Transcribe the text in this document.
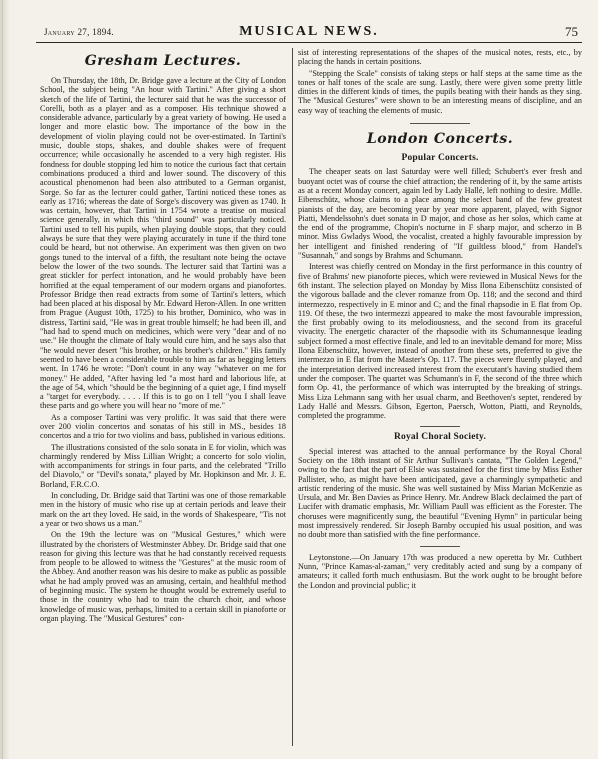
January 27, 1894.	MUSICAL NEWS.	75
Gresham Lectures.

On Thursday, the 18th, Dr. Bridge gave a lecture at the City of London School, the subject being "An hour with Tartini." After giving a short sketch of the life of Tartini, the lecturer said that he was the successor of Corelli, both as a player and as a composer. His technique showed a considerable advance, particularly by a great variety of bowing. He used a longer and more elastic bow. The importance of the bow in the development of violin playing could not be over-estimated. In Tartini's music, double stops, shakes, and double shakes were of frequent occurrence; while occasionally he ascended to a very high register. His fondness for double stopping led him to notice the curious fact that certain combinations produced a third and lower sound. The discovery of this acoustical phenomenon had been also attributed to a German organist, Sorge. So far as the lecturer could gather, Tartini noticed these tones as early as 1716; whereas the date of Sorge's discovery was given as 1740. It was certain, however, that Tartini in 1754 wrote a treatise on musical science generally, in which this "third sound" was particularly noticed. Tartini used to tell his pupils, when playing double stops, that they could always be sure that they were playing accurately in tune if the third tone could be heard, but not otherwise. An experiment was then given on two gongs tuned to the interval of a fifth, the resultant note being the octave below the lower of the two sounds. The lecturer said that Tartini was a great stickler for perfect intonation, and he would probably have been horrified at the equal temperament of our modern organs and pianofortes. Professor Bridge then read extracts from some of Tartini's letters, which had been placed at his disposal by Mr. Edward Heron-Allen. In one written from Prague (August 10th, 1725) to his brother, Dominico, who was in distress, Tartini said, "He was in great trouble himself; he had been ill, and "had had to spend much on medicines, which were very "dear and of no use." He thought the climate of Italy would cure him, and he says also that "he would never desert "his brother, or his brother's children." His family seemed to have been a considerable trouble to him as far as begging letters went. In 1746 he wrote: "Don't count in any way "whatever on me for money." He added, "After having led "a most hard and laborious life, at the age of 54, which "should be the beginning of a quiet age, I find myself a "target for everybody. . . . . If this is to go on I tell "you I shall leave these parts and go where you will hear no "more of me."

As a composer Tartini was very prolific. It was said that there were over 200 violin concertos and sonatas of his still in MS., besides 18 concertos and a trio for two violins and bass, published in various editions.

The illustrations consisted of the solo sonata in E for violin, which was charmingly rendered by Miss Lillian Wright; a concerto for solo violin, with accompaniments for strings in four parts, and the celebrated "Trillo del Diavolo," or "Devil's sonata," played by Mr. Hopkinson and Mr. J. E. Borland, F.R.C.O.

In concluding, Dr. Bridge said that Tartini was one of those remarkable men in the history of music who rise up at certain periods and leave their mark on the art they loved. He said, in the words of Shakespeare, "Tis not a year or two shows us a man."

On the 19th the lecture was on "Musical Gestures," which were illustrated by the choristers of Westminster Abbey. Dr. Bridge said that one reason for giving this lecture was that he had constantly received requests from people to be allowed to witness the "Gestures" at the music room of the Abbey. And another reason was his desire to make as public as possible what he had amply proved was an amusing, certain, and healthful method of beginning music. The system he thought would be extremely useful to those in the country who had to train the church choir, and whose knowledge of music was, perhaps, limited to a certain skill in pianoforte or organ playing. The "Musical Gestures" con-

sist of interesting representations of the shapes of the musical notes, rests, etc., by placing the hands in certain positions.

"Stepping the Scale" consists of taking steps or half steps at the same time as the tones or half tones of the scale are sung. Lastly, there were given some pretty little ditties in the different kinds of times, the pupils beating with their hands as they sing. The "Musical Gestures" were shown to be an interesting means of discipline, and an easy way of teaching the elements of music.

London Concerts.
Popular Concerts.

The cheaper seats on last Saturday were well filled; Schubert's ever fresh and buoyant octet was of course the chief attraction; the rendering of it, by the same artists as at a recent Monday concert, again led by Lady Hallé, left nothing to desire. Mdlle. Eibenschütz, whose claims to a place among the select band of the few greatest pianists of the day, are becoming year by year more apparent, played, with Signor Piatti, Mendelssohn's duet sonata in D major, and chose as her solos, which came at the end of the programme, Chopin's nocturne in F sharp major, and scherzo in B minor. Miss Gwladys Wood, the vocalist, created a highly favourable impression by her intelligent and finished rendering of "If guiltless blood," from Handel's "Susannah," and songs by Brahms and Schumann.

Interest was chiefly centred on Monday in the first performance in this country of five of Brahms' new pianoforte pieces, which were reviewed in Musical News for the 6th instant. The selection played on Monday by Miss Ilona Eibenschütz consisted of the vigorous ballade and the clever romanze from Op. 118; and the second and third intermezzo, respectively in E minor and C; and the final rhapsodie in E flat from Op. 119. Of these, the two intermezzi appeared to make the most favourable impression, the first probably owing to its melodiousness, and the second from its graceful vivacity. The energetic character of the rhapsodie with its Schumannesque leading subject formed a most effective finale, and led to an inevitable demand for more; Miss Ilona Eibenschütz, however, instead of another from these sets, preferred to give the intermezzo in E flat from the Master's Op. 117. The pieces were fluently played, and the interpretation derived increased interest from the executant's having studied them under the composer. The quartet was Schumann's in F, the second of the three which form Op. 41, the performance of which was interrupted by the breaking of strings. Miss Liza Lehmann sang with her usual charm, and Beethoven's septet, rendered by Lady Hallé and Messrs. Gibson, Egerton, Paersch, Wotton, Piatti, and Reynolds, completed the programme.

Royal Choral Society.

Special interest was attached to the annual performance by the Royal Choral Society on the 18th instant of Sir Arthur Sullivan's cantata, "The Golden Legend," owing to the fact that the part of Elsie was sustained for the first time by Miss Esther Pallister, who, as might have been anticipated, gave a charmingly sympathetic and artistic rendering of the music. She was well sustained by Miss Marian McKenzie as Ursula, and Mr. Ben Davies as Prince Henry. Mr. Andrew Black declaimed the part of Lucifer with dramatic emphasis, Mr. William Paull was efficient as the Forester. The choruses were magnificently sung, the beautiful "Evening Hymn" in particular being most impressively rendered. Sir Joseph Barnby occupied his usual position, and was no doubt more than satisfied with the fine performance.

Leytonstone.—On January 17th was produced a new operetta by Mr. Cuthbert Nunn, "Prince Kamas-al-zaman," very creditably acted and sung by a company of amateurs; it called forth much enthusiasm. But the work ought to be brought before the London and provincial public; it
